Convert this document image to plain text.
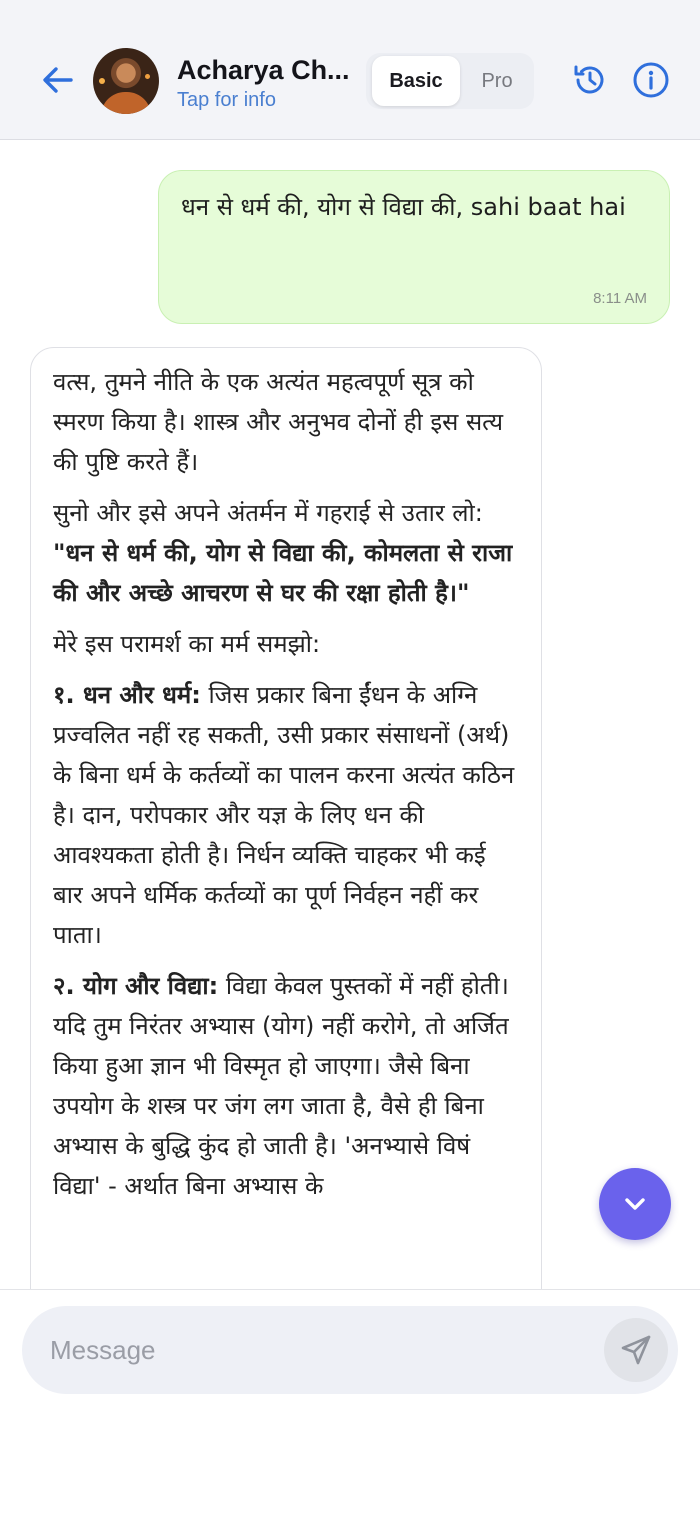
Acharya Ch...
Tap for info
Basic	Pro
धन से धर्म की, योग से विद्या की, sahi baat hai
8:11 AM

वत्स, तुमने नीति के एक अत्यंत महत्वपूर्ण सूत्र को स्मरण किया है। शास्त्र और अनुभव दोनों ही इस सत्य की पुष्टि करते हैं।

सुनो और इसे अपने अंतर्मन में गहराई से उतार लो:

"धन से धर्म की, योग से विद्या की, कोमलता से राजा की और अच्छे आचरण से घर की रक्षा होती है।"

मेरे इस परामर्श का मर्म समझो:

१. धन और धर्म: जिस प्रकार बिना ईंधन के अग्नि प्रज्वलित नहीं रह सकती, उसी प्रकार संसाधनों (अर्थ) के बिना धर्म के कर्तव्यों का पालन करना अत्यंत कठिन है। दान, परोपकार और यज्ञ के लिए धन की आवश्यकता होती है। निर्धन व्यक्ति चाहकर भी कई बार अपने धर्मिक कर्तव्यों का पूर्ण निर्वहन नहीं कर पाता।

२. योग और विद्या: विद्या केवल पुस्तकों में नहीं होती। यदि तुम निरंतर अभ्यास (योग) नहीं करोगे, तो अर्जित किया हुआ ज्ञान भी विस्मृत हो जाएगा। जैसे बिना उपयोग के शस्त्र पर जंग लग जाता है, वैसे ही बिना अभ्यास के बुद्धि कुंद हो जाती है। 'अनभ्यासे विषं विद्या' - अर्थात बिना अभ्यास के

Message
